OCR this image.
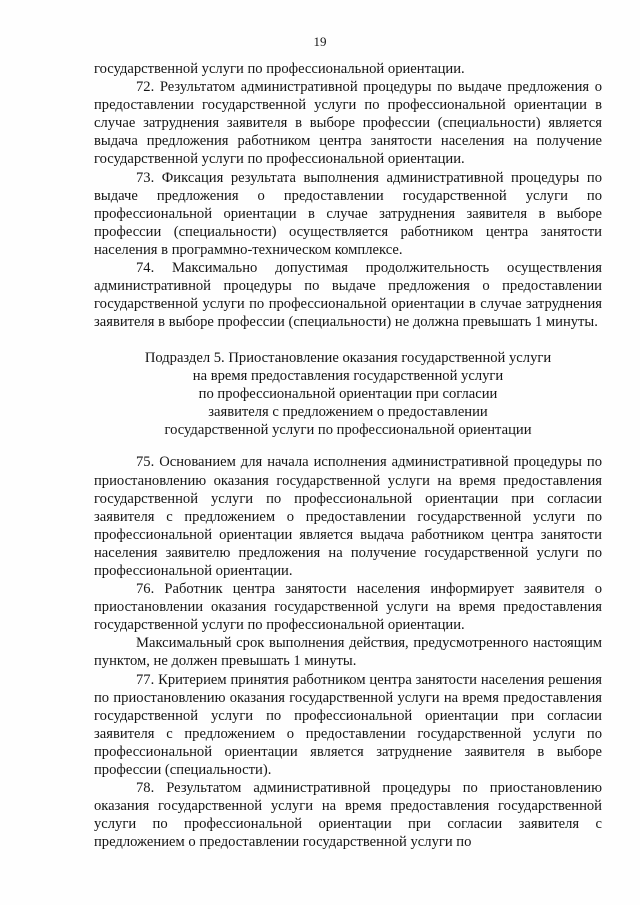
19

государственной услуги по профессиональной ориентации.

72. Результатом административной процедуры по выдаче предложения о предоставлении государственной услуги по профессиональной ориентации в случае затруднения заявителя в выборе профессии (специальности) является выдача предложения работником центра занятости населения на получение государственной услуги по профессиональной ориентации.

73. Фиксация результата выполнения административной процедуры по выдаче предложения о предоставлении государственной услуги по профессиональной ориентации в случае затруднения заявителя в выборе профессии (специальности) осуществляется работником центра занятости населения в программно-техническом комплексе.

74. Максимально допустимая продолжительность осуществления административной процедуры по выдаче предложения о предоставлении государственной услуги по профессиональной ориентации в случае затруднения заявителя в выборе профессии (специальности) не должна превышать 1 минуты.

Подраздел 5. Приостановление оказания государственной услуги
на время предоставления государственной услуги
по профессиональной ориентации при согласии
заявителя с предложением о предоставлении
государственной услуги по профессиональной ориентации

75. Основанием для начала исполнения административной процедуры по приостановлению оказания государственной услуги на время предоставления государственной услуги по профессиональной ориентации при согласии заявителя с предложением о предоставлении государственной услуги по профессиональной ориентации является выдача работником центра занятости населения заявителю предложения на получение государственной услуги по профессиональной ориентации.

76. Работник центра занятости населения информирует заявителя о приостановлении оказания государственной услуги на время предоставления государственной услуги по профессиональной ориентации.

Максимальный срок выполнения действия, предусмотренного настоящим пунктом, не должен превышать 1 минуты.

77. Критерием принятия работником центра занятости населения решения по приостановлению оказания государственной услуги на время предоставления государственной услуги по профессиональной ориентации при согласии заявителя с предложением о предоставлении государственной услуги по профессиональной ориентации является затруднение заявителя в выборе профессии (специальности).

78. Результатом административной процедуры по приостановлению оказания государственной услуги на время предоставления государственной услуги по профессиональной ориентации при согласии заявителя с предложением о предоставлении государственной услуги по
